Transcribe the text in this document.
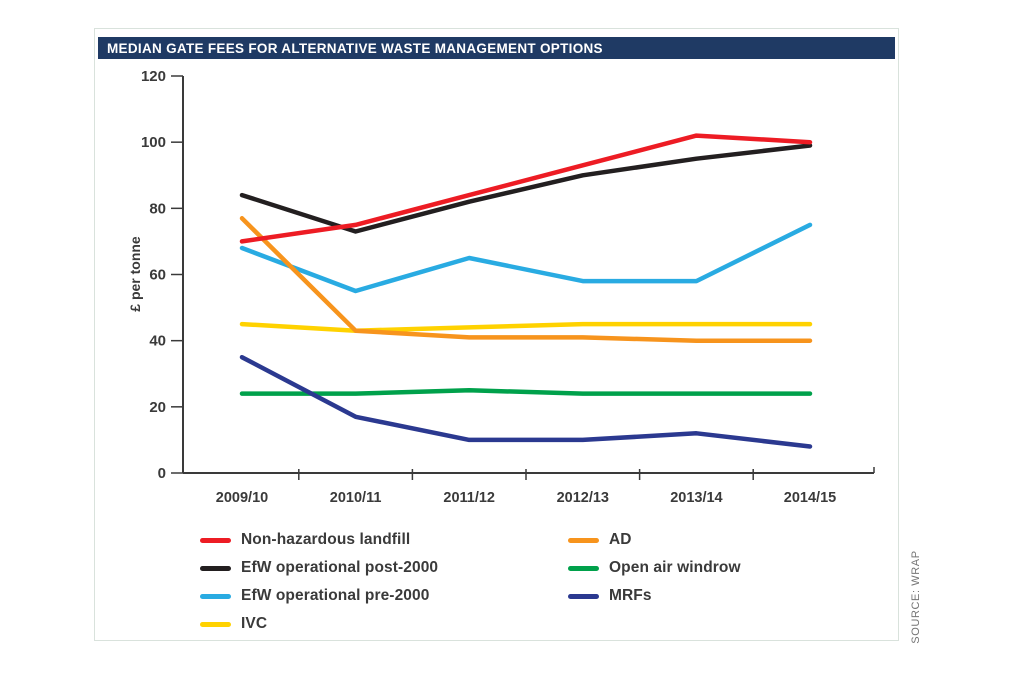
MEDIAN GATE FEES FOR ALTERNATIVE WASTE MANAGEMENT OPTIONS
0
20
40
60
80
100
120
2009/10	2010/11	2011/12	2012/13	2013/14	2014/15
£ per tonne
Non-hazardous landfill
EfW operational post-2000
EfW operational pre-2000
IVC
AD
Open air windrow
MRFs	SOURCE: WRAP
